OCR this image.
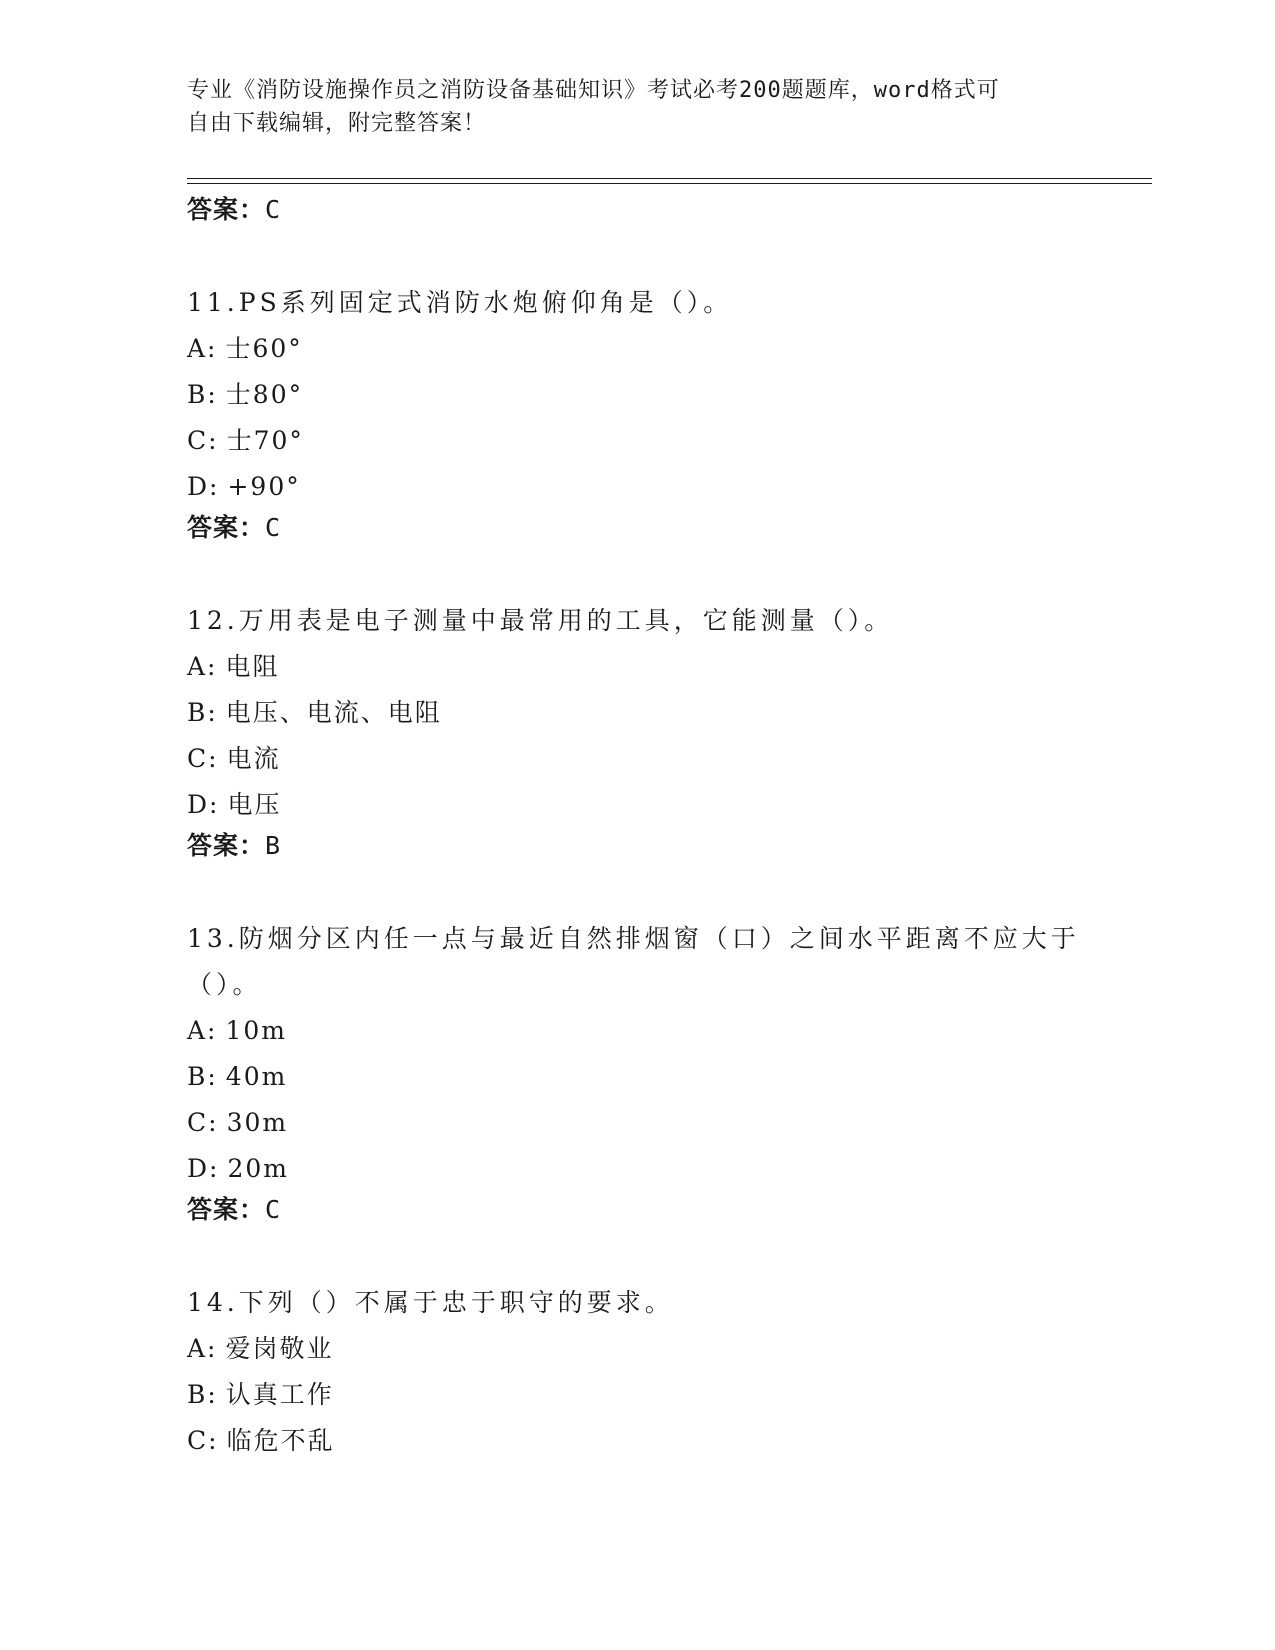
专业《消防设施操作员之消防设备基础知识》考试必考200题题库，word格式可
自由下载编辑，附完整答案！

答案：C

11.PS系列固定式消防水炮俯仰角是（）。

A: 士60°

B: 士80°

C: 士70°

D: +90°

答案：C

12.万用表是电子测量中最常用的工具，它能测量（）。

A: 电阻

B: 电压、电流、电阻

C: 电流

D: 电压

答案：B

13.防烟分区内任一点与最近自然排烟窗（口）之间水平距离不应大于（）。

A: 10m

B: 40m

C: 30m

D: 20m

答案：C

14.下列（）不属于忠于职守的要求。

A: 爱岗敬业

B: 认真工作

C: 临危不乱
